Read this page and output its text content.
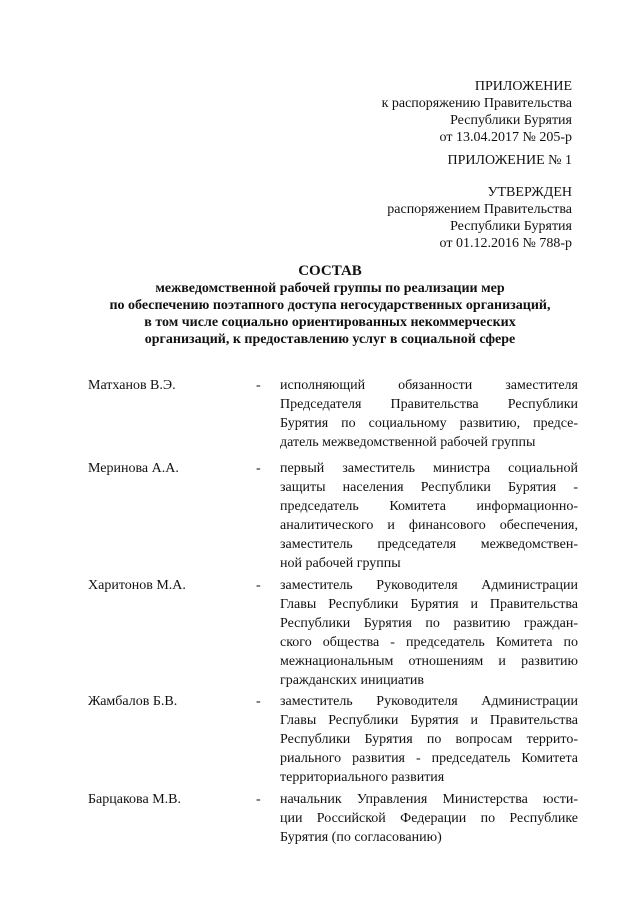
ПРИЛОЖЕНИЕ
к распоряжению Правительства
Республики Бурятия
от 13.04.2017 № 205-р
ПРИЛОЖЕНИЕ № 1
УТВЕРЖДЕН
распоряжением Правительства
Республики Бурятия
от 01.12.2016 № 788-р
СОСТАВ
межведомственной рабочей группы по реализации мер
по обеспечению поэтапного доступа негосударственных организаций,
в том числе социально ориентированных некоммерческих
организаций, к предоставлению услуг в социальной сфере
Матханов В.Э.	- исполняющий обязанности заместителя
Председателя Правительства Республики
Бурятия по социальному развитию, предсе-
датель межведомственной рабочей группы
Меринова А.А.	- первый заместитель министра социальной
защиты населения Республики Бурятия -
председатель Комитета информационно-
аналитического и финансового обеспечения,
заместитель председателя межведомствен-
ной рабочей группы
Харитонов М.А.	- заместитель Руководителя Администрации
Главы Республики Бурятия и Правительства
Республики Бурятия по развитию граждан-
ского общества - председатель Комитета по
межнациональным отношениям и развитию
гражданских инициатив
Жамбалов Б.В.	- заместитель Руководителя Администрации
Главы Республики Бурятия и Правительства
Республики Бурятия по вопросам террито-
риального развития - председатель Комитета
территориального развития
Барцакова М.В.	- начальник Управления Министерства юсти-
ции Российской Федерации по Республике
Бурятия (по согласованию)
